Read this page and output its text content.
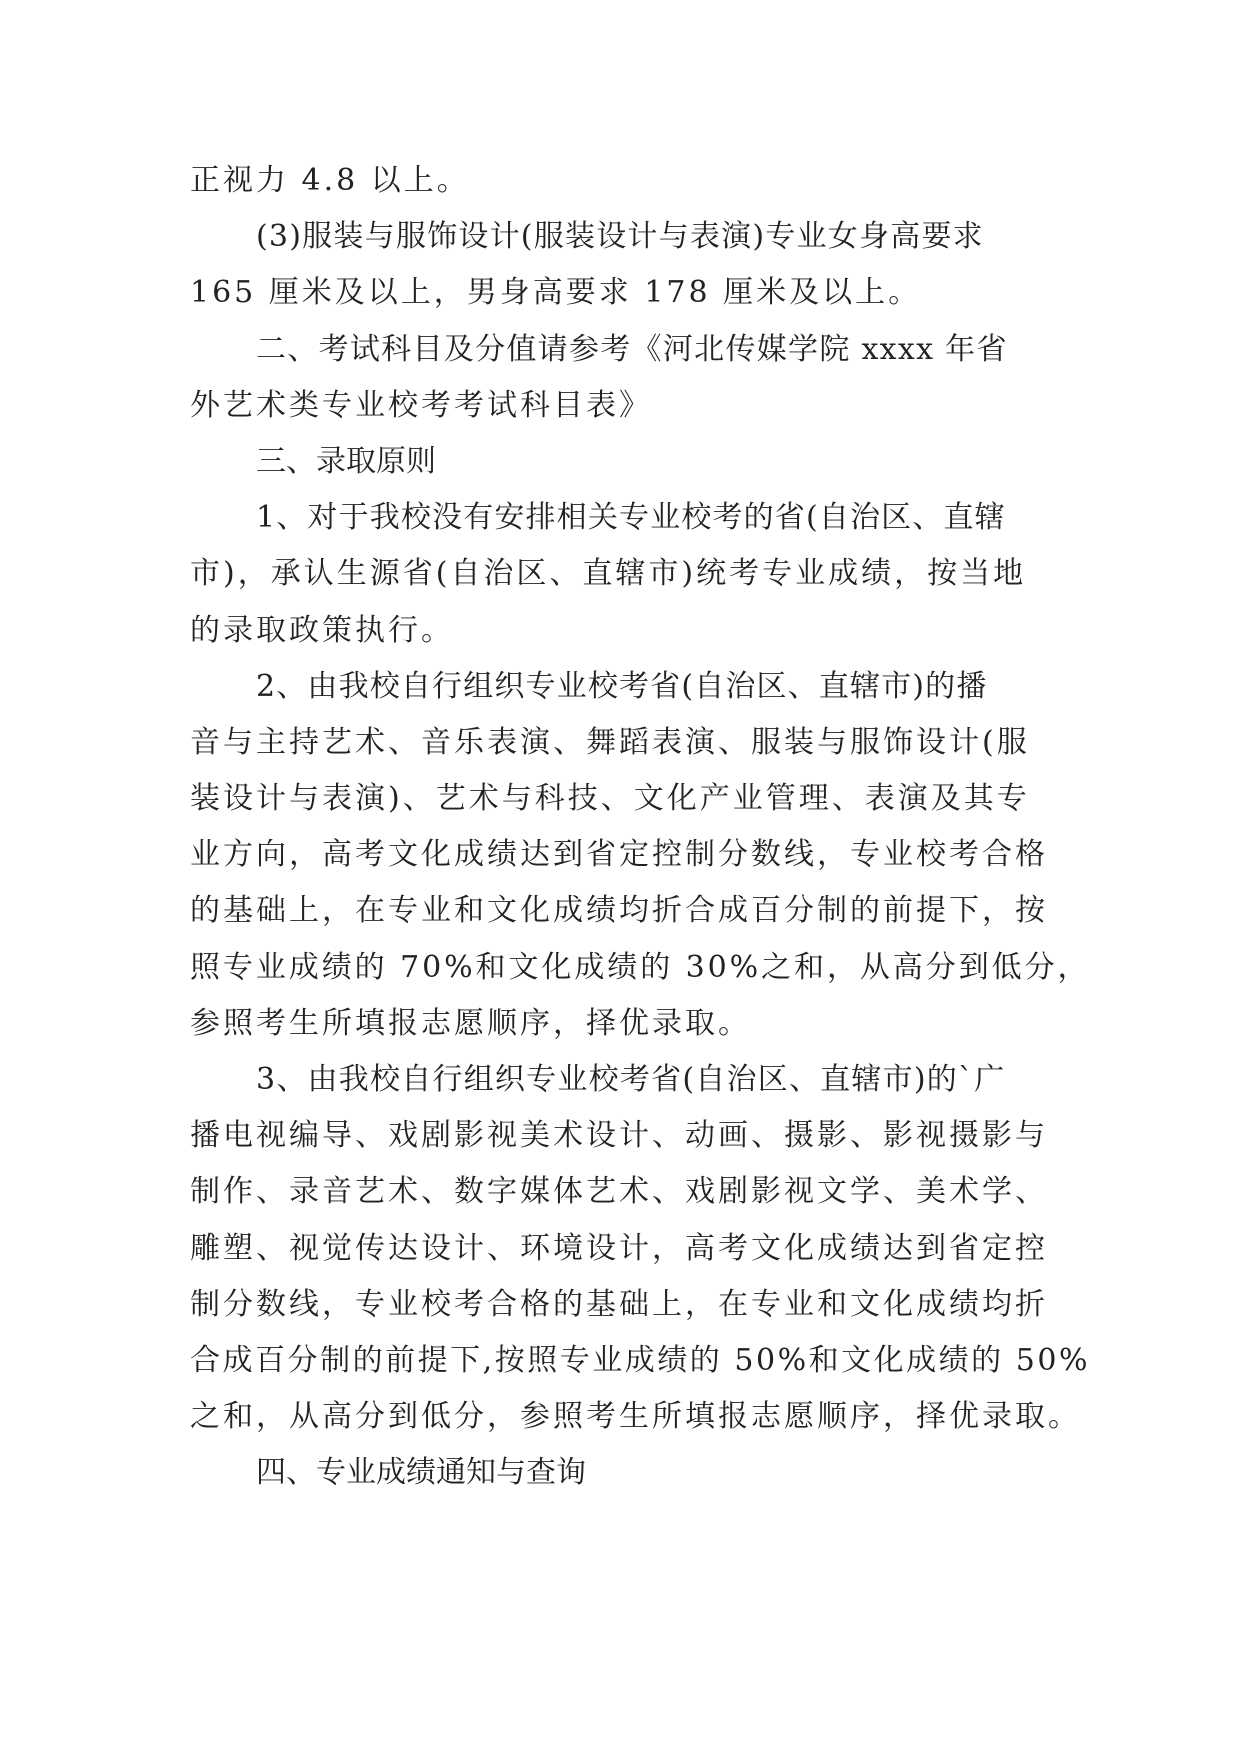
正视力 4.8 以上。
(3)服装与服饰设计(服装设计与表演)专业女身高要求
165 厘米及以上，男身高要求 178 厘米及以上。
二、考试科目及分值请参考《河北传媒学院 xxxx 年省
外艺术类专业校考考试科目表》
三、录取原则
1、对于我校没有安排相关专业校考的省(自治区、直辖
市)，承认生源省(自治区、直辖市)统考专业成绩，按当地
的录取政策执行。
2、由我校自行组织专业校考省(自治区、直辖市)的播
音与主持艺术、音乐表演、舞蹈表演、服装与服饰设计(服
装设计与表演)、艺术与科技、文化产业管理、表演及其专
业方向，高考文化成绩达到省定控制分数线，专业校考合格
的基础上，在专业和文化成绩均折合成百分制的前提下，按
照专业成绩的 70%和文化成绩的 30%之和，从高分到低分，
参照考生所填报志愿顺序，择优录取。
3、由我校自行组织专业校考省(自治区、直辖市)的`广
播电视编导、戏剧影视美术设计、动画、摄影、影视摄影与
制作、录音艺术、数字媒体艺术、戏剧影视文学、美术学、
雕塑、视觉传达设计、环境设计，高考文化成绩达到省定控
制分数线，专业校考合格的基础上，在专业和文化成绩均折
合成百分制的前提下,按照专业成绩的 50%和文化成绩的 50%
之和，从高分到低分，参照考生所填报志愿顺序，择优录取。
四、专业成绩通知与查询
